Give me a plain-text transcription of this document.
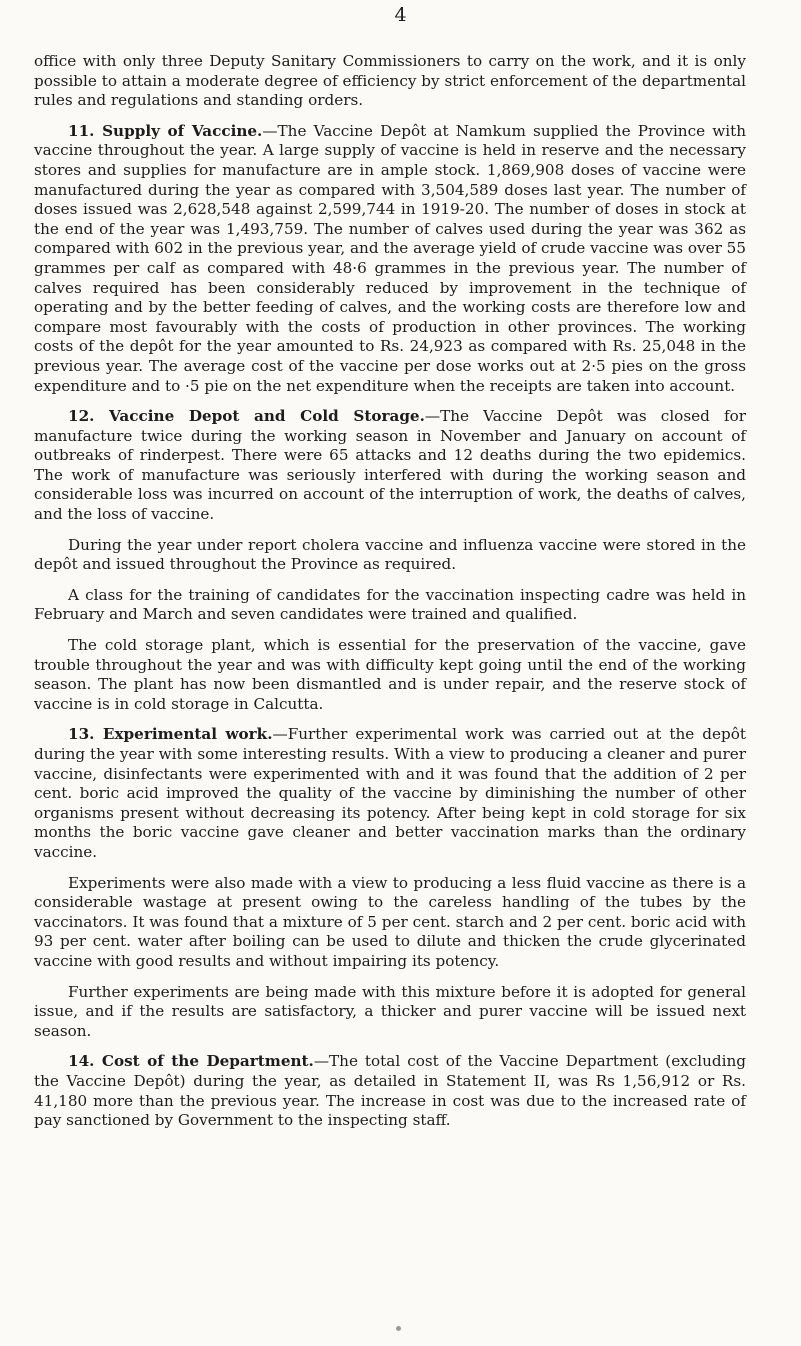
4

office with only three Deputy Sanitary Commissioners to carry on the work, and it is only possible to attain a moderate degree of efficiency by strict enforcement of the departmental rules and regulations and standing orders.

11. Supply of Vaccine.—The Vaccine Depôt at Namkum supplied the Province with vaccine throughout the year. A large supply of vaccine is held in reserve and the necessary stores and supplies for manufacture are in ample stock. 1,869,908 doses of vaccine were manufactured during the year as compared with 3,504,589 doses last year. The number of doses issued was 2,628,548 against 2,599,744 in 1919-20. The number of doses in stock at the end of the year was 1,493,759. The number of calves used during the year was 362 as compared with 602 in the previous year, and the average yield of crude vaccine was over 55 grammes per calf as compared with 48·6 grammes in the previous year. The number of calves required has been considerably reduced by improvement in the technique of operating and by the better feeding of calves, and the working costs are therefore low and compare most favourably with the costs of production in other provinces. The working costs of the depôt for the year amounted to Rs. 24,923 as compared with Rs. 25,048 in the previous year. The average cost of the vaccine per dose works out at 2·5 pies on the gross expenditure and to ·5 pie on the net expenditure when the receipts are taken into account.

12. Vaccine Depot and Cold Storage.—The Vaccine Depôt was closed for manufacture twice during the working season in November and January on account of outbreaks of rinderpest. There were 65 attacks and 12 deaths during the two epidemics. The work of manufacture was seriously interfered with during the working season and considerable loss was incurred on account of the interruption of work, the deaths of calves, and the loss of vaccine.

During the year under report cholera vaccine and influenza vaccine were stored in the depôt and issued throughout the Province as required.

A class for the training of candidates for the vaccination inspecting cadre was held in February and March and seven candidates were trained and qualified.

The cold storage plant, which is essential for the preservation of the vaccine, gave trouble throughout the year and was with difficulty kept going until the end of the working season. The plant has now been dismantled and is under repair, and the reserve stock of vaccine is in cold storage in Calcutta.

13. Experimental work.—Further experimental work was carried out at the depôt during the year with some interesting results. With a view to producing a cleaner and purer vaccine, disinfectants were experimented with and it was found that the addition of 2 per cent. boric acid improved the quality of the vaccine by diminishing the number of other organisms present without decreasing its potency. After being kept in cold storage for six months the boric vaccine gave cleaner and better vaccination marks than the ordinary vaccine.

Experiments were also made with a view to producing a less fluid vaccine as there is a considerable wastage at present owing to the careless handling of the tubes by the vaccinators. It was found that a mixture of 5 per cent. starch and 2 per cent. boric acid with 93 per cent. water after boiling can be used to dilute and thicken the crude glycerinated vaccine with good results and without impairing its potency.

Further experiments are being made with this mixture before it is adopted for general issue, and if the results are satisfactory, a thicker and purer vaccine will be issued next season.

14. Cost of the Department.—The total cost of the Vaccine Department (excluding the Vaccine Depôt) during the year, as detailed in Statement II, was Rs 1,56,912 or Rs. 41,180 more than the previous year. The increase in cost was due to the increased rate of pay sanctioned by Government to the inspecting staff.
